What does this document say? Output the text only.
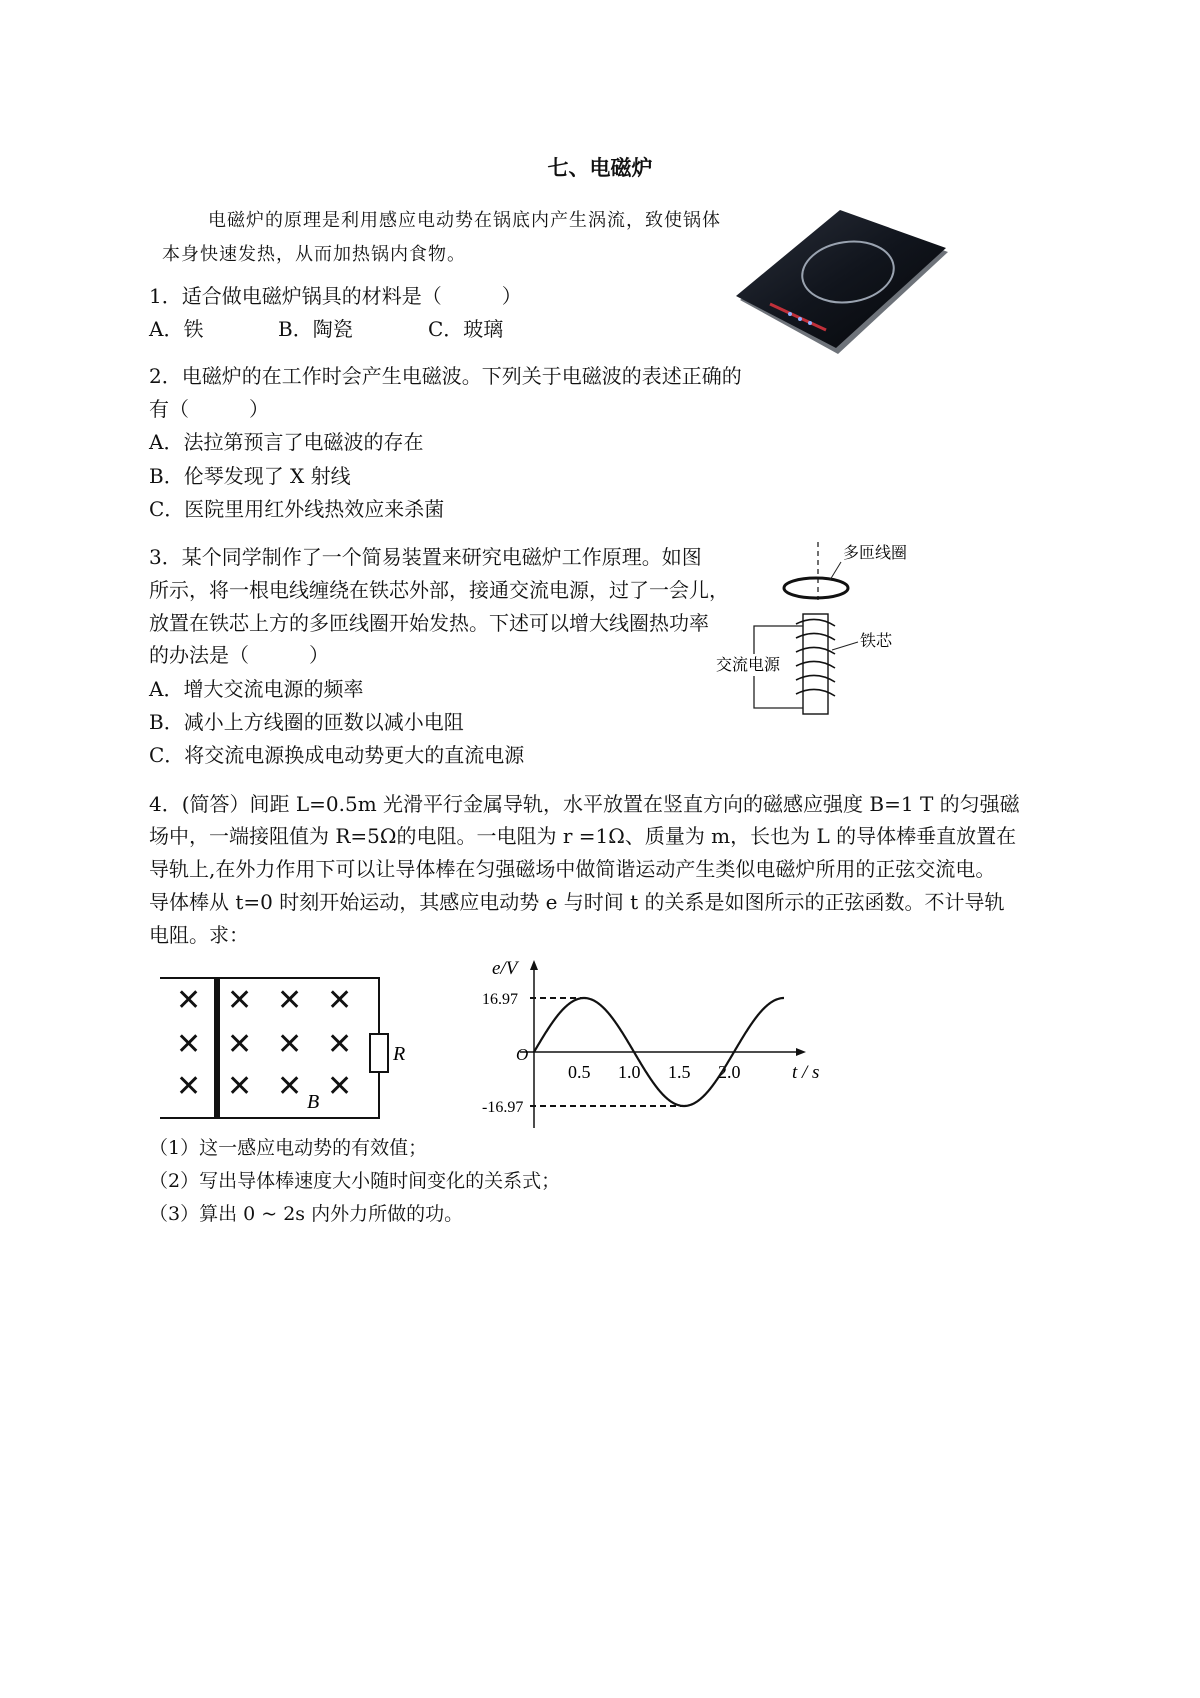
七、电磁炉
电磁炉的原理是利用感应电动势在锅底内产生涡流，致使锅体
本身快速发热，从而加热锅内食物。
1．适合做电磁炉锅具的材料是（　　　）
A．铁	B．陶瓷	C．玻璃
2．电磁炉的在工作时会产生电磁波。下列关于电磁波的表述正确的
有（　　　）
A．法拉第预言了电磁波的存在
B．伦琴发现了 X 射线
C．医院里用红外线热效应来杀菌
3．某个同学制作了一个简易装置来研究电磁炉工作原理。如图
所示，将一根电线缠绕在铁芯外部，接通交流电源，过了一会儿，
放置在铁芯上方的多匝线圈开始发热。下述可以增大线圈热功率
的办法是（　　　）
A．增大交流电源的频率
B．减小上方线圈的匝数以减小电阻
C．将交流电源换成电动势更大的直流电源
多匝线圈
铁芯
交流电源
4．(简答）间距 L=0.5m 光滑平行金属导轨，水平放置在竖直方向的磁感应强度 B=1 T 的匀强磁
场中，一端接阻值为 R=5Ω的电阻。一电阻为 r =1Ω、质量为 m，长也为 L 的导体棒垂直放置在
导轨上,在外力作用下可以让导体棒在匀强磁场中做简谐运动产生类似电磁炉所用的正弦交流电。
导体棒从 t=0 时刻开始运动，其感应电动势 e 与时间 t 的关系是如图所示的正弦函数。不计导轨
电阻。求：
R
✕ ✕ ✕ ✕
✕ ✕ ✕ ✕
✕ ✕ ✕ ✕
B
e/V
t / s
O
16.97
-16.97
0.5 1.0 1.5 2.0
（1）这一感应电动势的有效值；
（2）写出导体棒速度大小随时间变化的关系式；
（3）算出 0 ~ 2s 内外力所做的功。
